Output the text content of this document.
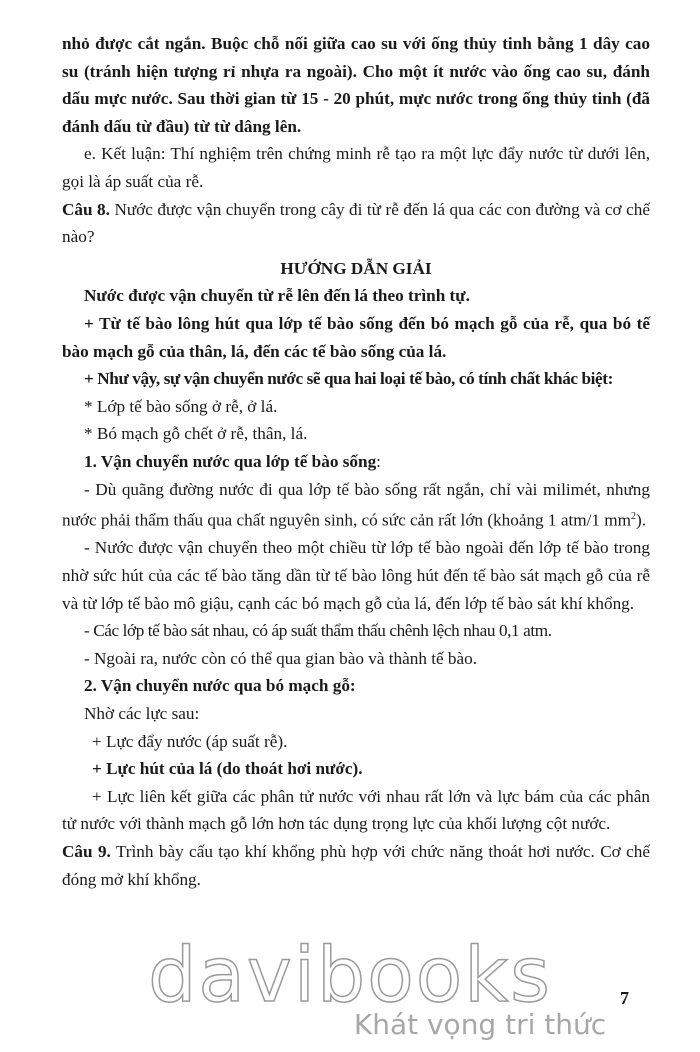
nhỏ được cắt ngắn. Buộc chỗ nối giữa cao su với ống thủy tinh bằng 1 dây cao su (tránh hiện tượng rỉ nhựa ra ngoài). Cho một ít nước vào ống cao su, đánh dấu mực nước. Sau thời gian từ 15 - 20 phút, mực nước trong ống thủy tinh (đã đánh dấu từ đầu) từ từ dâng lên.

e. Kết luận: Thí nghiệm trên chứng minh rễ tạo ra một lực đẩy nước từ dưới lên, gọi là áp suất của rễ.

Câu 8. Nước được vận chuyển trong cây đi từ rễ đến lá qua các con đường và cơ chế nào?

HƯỚNG DẪN GIẢI

Nước được vận chuyển từ rễ lên đến lá theo trình tự.

+ Từ tế bào lông hút qua lớp tế bào sống đến bó mạch gỗ của rễ, qua bó tế bào mạch gỗ của thân, lá, đến các tế bào sống của lá.

+ Như vậy, sự vận chuyển nước sẽ qua hai loại tế bào, có tính chất khác biệt:

* Lớp tế bào sống ở rễ, ở lá.

* Bó mạch gỗ chết ở rễ, thân, lá.

1. Vận chuyển nước qua lớp tế bào sống:

- Dù quãng đường nước đi qua lớp tế bào sống rất ngắn, chỉ vài milimét, nhưng nước phải thẩm thấu qua chất nguyên sinh, có sức cản rất lớn (khoảng 1 atm/1 $mm^2$).

- Nước được vận chuyển theo một chiều từ lớp tế bào ngoài đến lớp tế bào trong nhờ sức hút của các tế bào tăng dần từ tế bào lông hút đến tế bào sát mạch gỗ của rễ và từ lớp tế bào mô giậu, cạnh các bó mạch gỗ của lá, đến lớp tế bào sát khí khổng.

- Các lớp tế bào sát nhau, có áp suất thẩm thấu chênh lệch nhau 0,1 atm.

- Ngoài ra, nước còn có thể qua gian bào và thành tế bào.

2. Vận chuyển nước qua bó mạch gỗ:

Nhờ các lực sau:

+ Lực đẩy nước (áp suất rễ).

+ Lực hút của lá (do thoát hơi nước).

+ Lực liên kết giữa các phân tử nước với nhau rất lớn và lực bám của các phân tử nước với thành mạch gỗ lớn hơn tác dụng trọng lực của khối lượng cột nước.

Câu 9. Trình bày cấu tạo khí khổng phù hợp với chức năng thoát hơi nước. Cơ chế đóng mở khí khổng.

davibooks
Khát vọng tri thức
7
